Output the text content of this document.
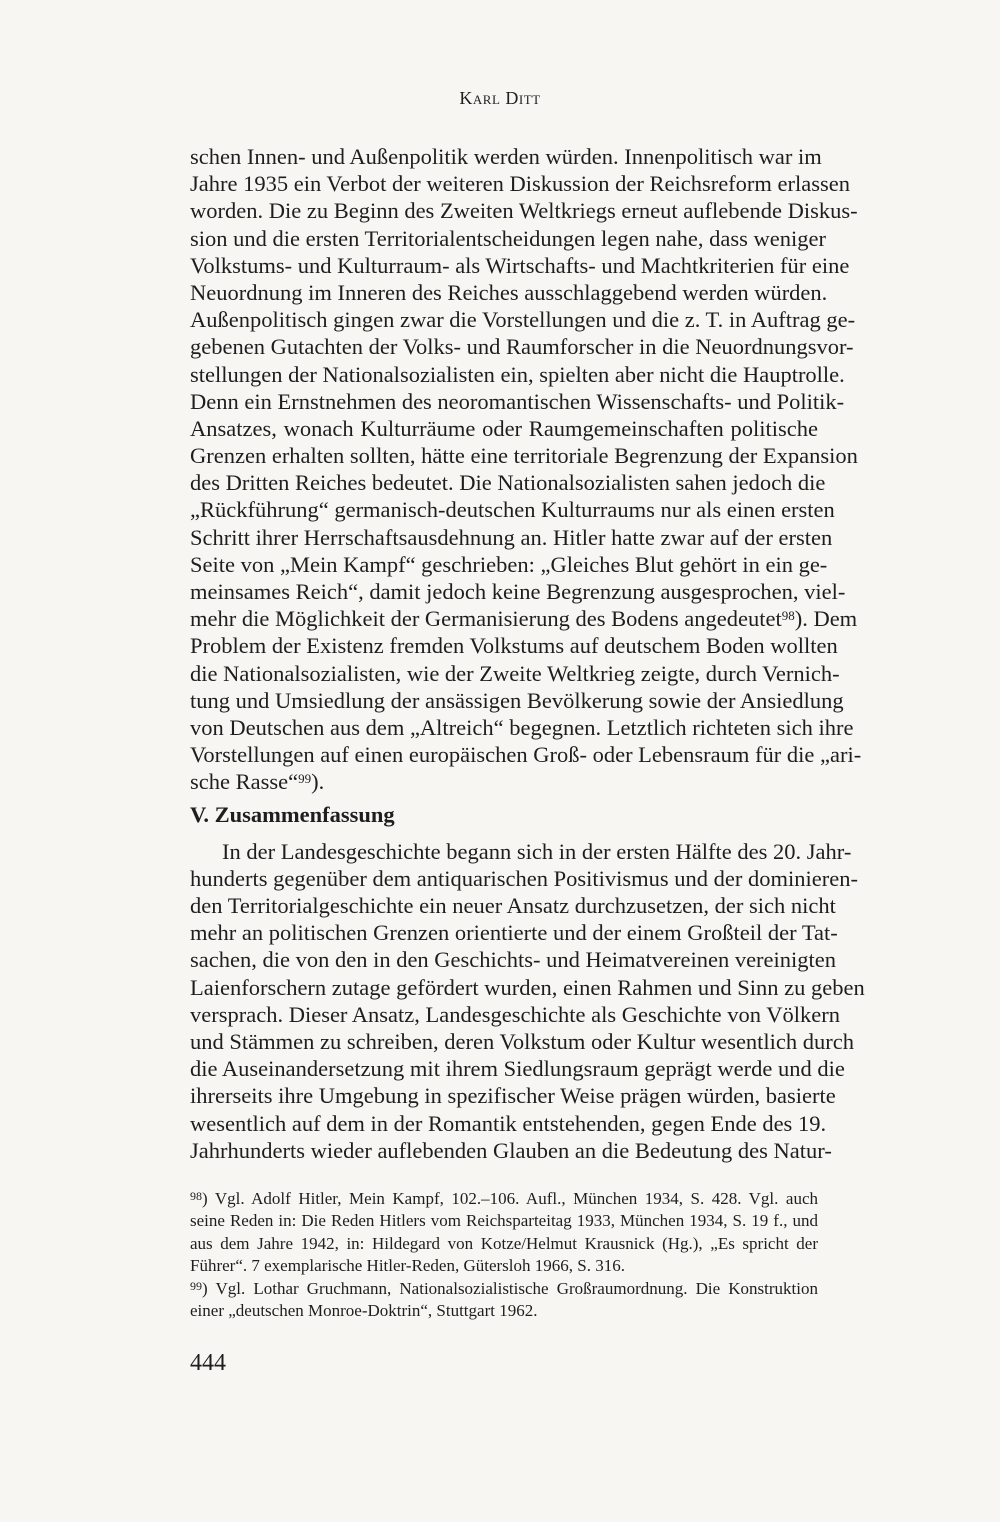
Karl Ditt
schen Innen- und Außenpolitik werden würden. Innenpolitisch war im
Jahre 1935 ein Verbot der weiteren Diskussion der Reichsreform erlassen
worden. Die zu Beginn des Zweiten Weltkriegs erneut auflebende Diskus-
sion und die ersten Territorialentscheidungen legen nahe, dass weniger
Volkstums- und Kulturraum- als Wirtschafts- und Machtkriterien für eine
Neuordnung im Inneren des Reiches ausschlaggebend werden würden.
Außenpolitisch gingen zwar die Vorstellungen und die z. T. in Auftrag ge-
gebenen Gutachten der Volks- und Raumforscher in die Neuordnungsvor-
stellungen der Nationalsozialisten ein, spielten aber nicht die Hauptrolle.
Denn ein Ernstnehmen des neoromantischen Wissenschafts- und Politik-
Ansatzes, wonach Kulturräume oder Raumgemeinschaften politische
Grenzen erhalten sollten, hätte eine territoriale Begrenzung der Expansion
des Dritten Reiches bedeutet. Die Nationalsozialisten sahen jedoch die
„Rückführung“ germanisch-deutschen Kulturraums nur als einen ersten
Schritt ihrer Herrschaftsausdehnung an. Hitler hatte zwar auf der ersten
Seite von „Mein Kampf“ geschrieben: „Gleiches Blut gehört in ein ge-
meinsames Reich“, damit jedoch keine Begrenzung ausgesprochen, viel-
mehr die Möglichkeit der Germanisierung des Bodens angedeutet$^{98}$). Dem
Problem der Existenz fremden Volkstums auf deutschem Boden wollten
die Nationalsozialisten, wie der Zweite Weltkrieg zeigte, durch Vernich-
tung und Umsiedlung der ansässigen Bevölkerung sowie der Ansiedlung
von Deutschen aus dem „Altreich“ begegnen. Letztlich richteten sich ihre
Vorstellungen auf einen europäischen Groß- oder Lebensraum für die „ari-
sche Rasse“$^{99}$).
V. Zusammenfassung
In der Landesgeschichte begann sich in der ersten Hälfte des 20. Jahr-
hunderts gegenüber dem antiquarischen Positivismus und der dominieren-
den Territorialgeschichte ein neuer Ansatz durchzusetzen, der sich nicht
mehr an politischen Grenzen orientierte und der einem Großteil der Tat-
sachen, die von den in den Geschichts- und Heimatvereinen vereinigten
Laienforschern zutage gefördert wurden, einen Rahmen und Sinn zu geben
versprach. Dieser Ansatz, Landesgeschichte als Geschichte von Völkern
und Stämmen zu schreiben, deren Volkstum oder Kultur wesentlich durch
die Auseinandersetzung mit ihrem Siedlungsraum geprägt werde und die
ihrerseits ihre Umgebung in spezifischer Weise prägen würden, basierte
wesentlich auf dem in der Romantik entstehenden, gegen Ende des 19.
Jahrhunderts wieder auflebenden Glauben an die Bedeutung des Natur-
$^{98}$) Vgl. Adolf Hitler, Mein Kampf, 102.–106. Aufl., München 1934, S. 428. Vgl. auch
seine Reden in: Die Reden Hitlers vom Reichsparteitag 1933, München 1934, S. 19 f., und
aus dem Jahre 1942, in: Hildegard von Kotze/Helmut Krausnick (Hg.), „Es spricht der
Führer“. 7 exemplarische Hitler-Reden, Gütersloh 1966, S. 316.
$^{99}$) Vgl. Lothar Gruchmann, Nationalsozialistische Großraumordnung. Die Konstruktion
einer „deutschen Monroe-Doktrin“, Stuttgart 1962.
444
